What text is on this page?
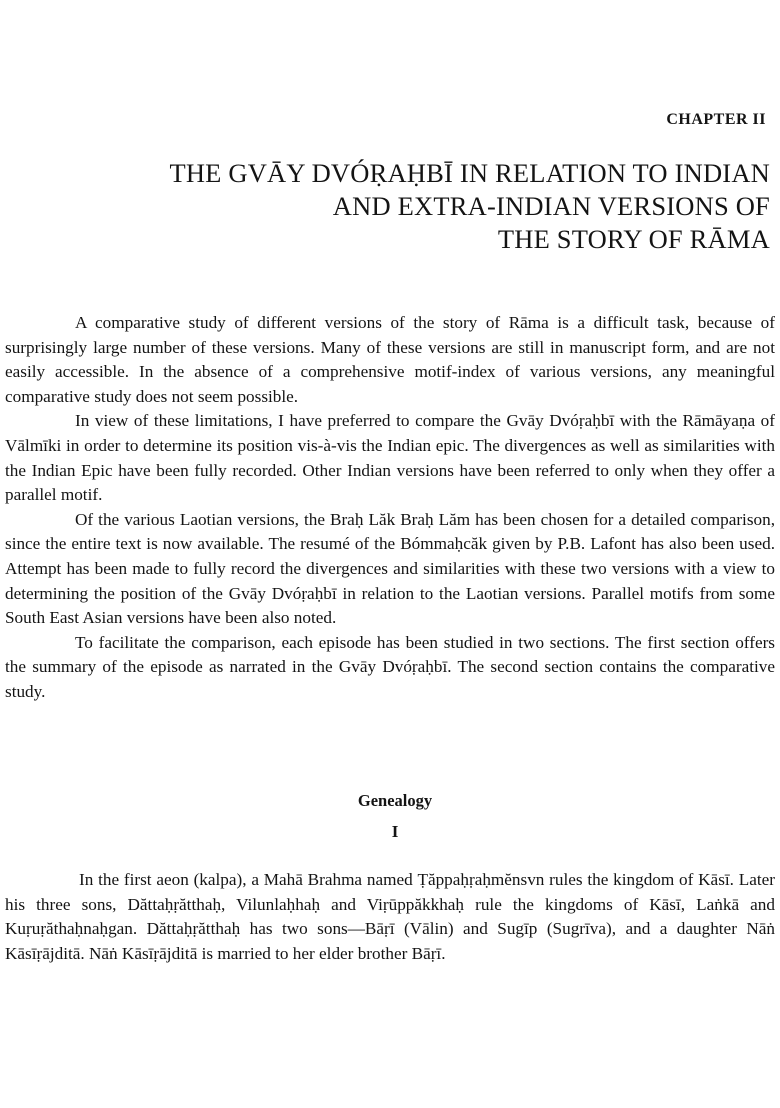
CHAPTER II
THE GVĀY DVÓṚAḤBĪ IN RELATION TO INDIAN
AND EXTRA-INDIAN VERSIONS OF
THE STORY OF RĀMA

A comparative study of different versions of the story of Rāma is a difficult task, because of surprisingly large number of these versions. Many of these versions are still in manuscript form, and are not easily accessible. In the absence of a comprehensive motif-index of various versions, any meaningful comparative study does not seem possible.

In view of these limitations, I have preferred to compare the Gvāy Dvóṛaḥbī with the Rāmāyaṇa of Vālmīki in order to determine its position vis-à-vis the Indian epic. The divergences as well as similarities with the Indian Epic have been fully recorded. Other Indian versions have been referred to only when they offer a parallel motif.

Of the various Laotian versions, the Braḥ Lăk Braḥ Lăm has been chosen for a detailed comparison, since the entire text is now available. The resumé of the Bómmaḥcăk given by P.B. Lafont has also been used. Attempt has been made to fully record the divergences and similarities with these two versions with a view to determining the position of the Gvāy Dvóṛaḥbī in relation to the Laotian versions. Parallel motifs from some South East Asian versions have been also noted.

To facilitate the comparison, each episode has been studied in two sections. The first section offers the summary of the episode as narrated in the Gvāy Dvóṛaḥbī. The second section contains the comparative study.

Genealogy
I

In the first aeon (kalpa), a Mahā Brahma named Ṭăppaḥṛaḥmĕnsvn rules the kingdom of Kāsī. Later his three sons, Dăttaḥṛătthaḥ, Vilunlaḥhaḥ and Viṛūppăkkhaḥ rule the kingdoms of Kāsī, Laṅkā and Kuṛuṛăthaḥnaḥgan. Dăttaḥṛătthaḥ has two sons—Bāṛī (Vālin) and Sugīp (Sugrīva), and a daughter Nāṅ Kāsīṛājditā. Nāṅ Kāsīṛājditā is married to her elder brother Bāṛī.
